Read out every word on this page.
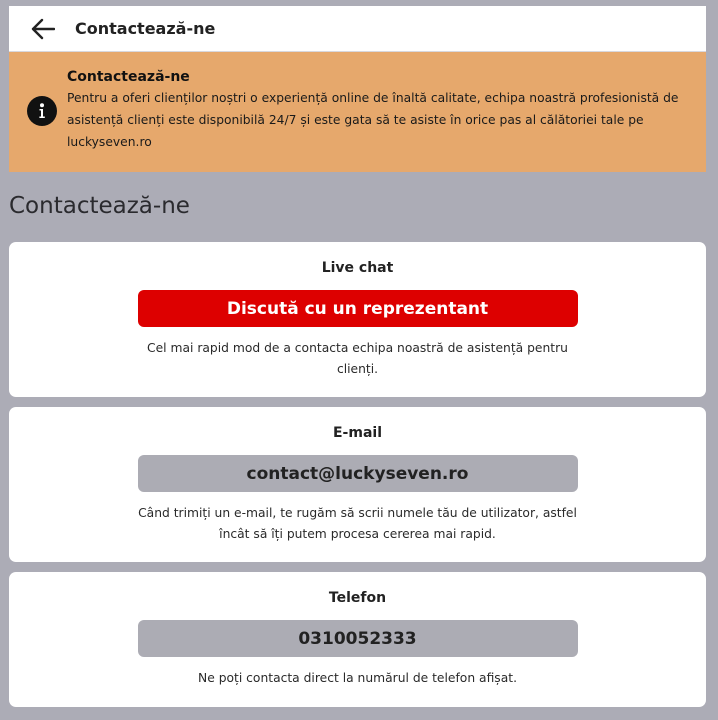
Contactează-ne
Contactează-ne
Pentru a oferi clienților noștri o experiență online de înaltă calitate, echipa noastră profesionistă de asistență clienți este disponibilă 24/7 și este gata să te asiste în orice pas al călătoriei tale pe luckyseven.ro
Contactează-ne
Live chat
Discută cu un reprezentant
Cel mai rapid mod de a contacta echipa noastră de asistență pentru clienți.
E-mail
contact@luckyseven.ro
Când trimiți un e-mail, te rugăm să scrii numele tău de utilizator, astfel încât să îți putem procesa cererea mai rapid.
Telefon
0310052333
Ne poți contacta direct la numărul de telefon afișat.
